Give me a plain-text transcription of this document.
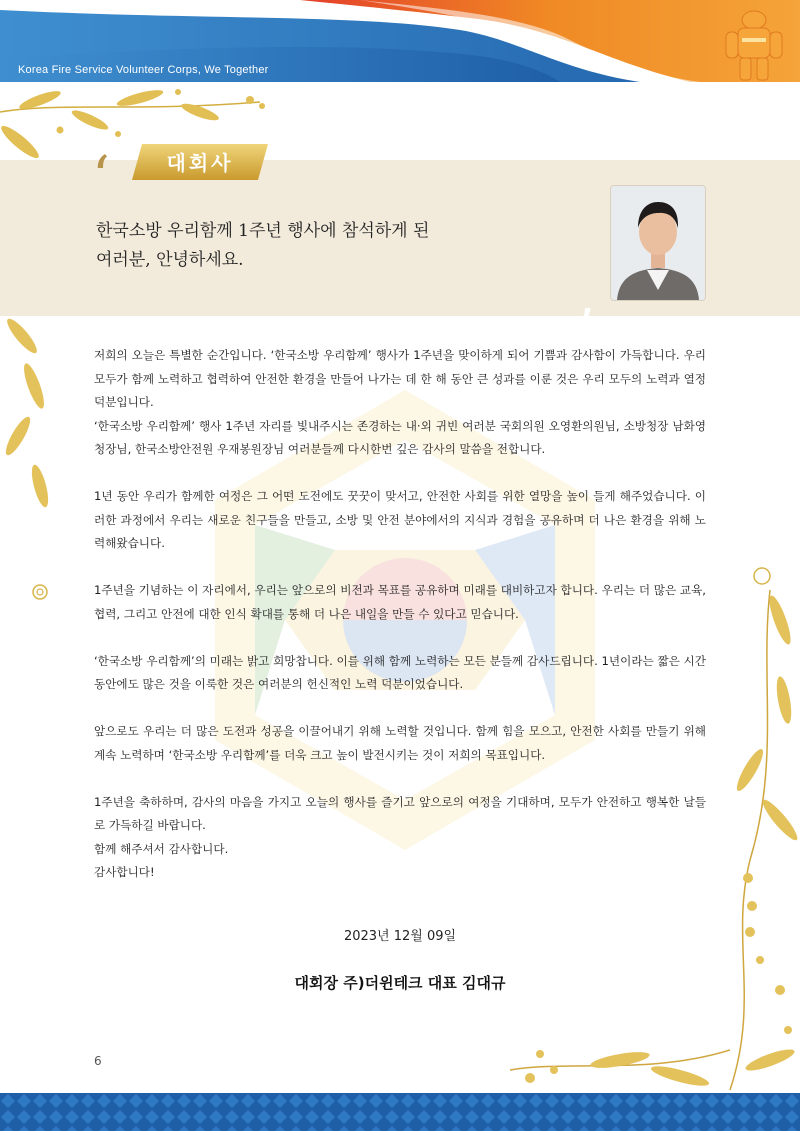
Korea Fire Service Volunteer Corps, We Together
대회사
‘
한국소방 우리함께 1주년 행사에 참석하게 된
여러분, 안녕하세요.
,

저희의 오늘은 특별한 순간입니다. ‘한국소방 우리함께’ 행사가 1주년을 맞이하게 되어 기쁨과 감사함이 가득합니다. 우리 모두가 함께 노력하고 협력하여 안전한 환경을 만들어 나가는 데 한 해 동안 큰 성과를 이룬 것은 우리 모두의 노력과 열정 덕분입니다.

‘한국소방 우리함께’ 행사 1주년 자리를 빛내주시는 존경하는 내·외 귀빈 여러분 국회의원 오영환의원님, 소방청장 남화영 청장님, 한국소방안전원 우재봉원장님 여러분들께 다시한번 깊은 감사의 말씀을 전합니다.

1년 동안 우리가 함께한 여정은 그 어떤 도전에도 꿋꿋이 맞서고, 안전한 사회를 위한 열망을 높이 들게 해주었습니다. 이러한 과정에서 우리는 새로운 친구들을 만들고, 소방 및 안전 분야에서의 지식과 경험을 공유하며 더 나은 환경을 위해 노력해왔습니다.

1주년을 기념하는 이 자리에서, 우리는 앞으로의 비전과 목표를 공유하며 미래를 대비하고자 합니다. 우리는 더 많은 교육, 협력, 그리고 안전에 대한 인식 확대를 통해 더 나은 내일을 만들 수 있다고 믿습니다.

‘한국소방 우리함께’의 미래는 밝고 희망찹니다. 이를 위해 함께 노력하는 모든 분들께 감사드립니다. 1년이라는 짧은 시간 동안에도 많은 것을 이룩한 것은 여러분의 헌신적인 노력 덕분이었습니다.

앞으로도 우리는 더 많은 도전과 성공을 이끌어내기 위해 노력할 것입니다. 함께 힘을 모으고, 안전한 사회를 만들기 위해 계속 노력하며 ‘한국소방 우리함께’를 더욱 크고 높이 발전시키는 것이 저희의 목표입니다.

1주년을 축하하며, 감사의 마음을 가지고 오늘의 행사를 즐기고 앞으로의 여정을 기대하며, 모두가 안전하고 행복한 날들로 가득하길 바랍니다.

함께 해주셔서 감사합니다.

감사합니다!

2023년 12월 09일
대회장 주)더윈테크 대표 김대규
6
